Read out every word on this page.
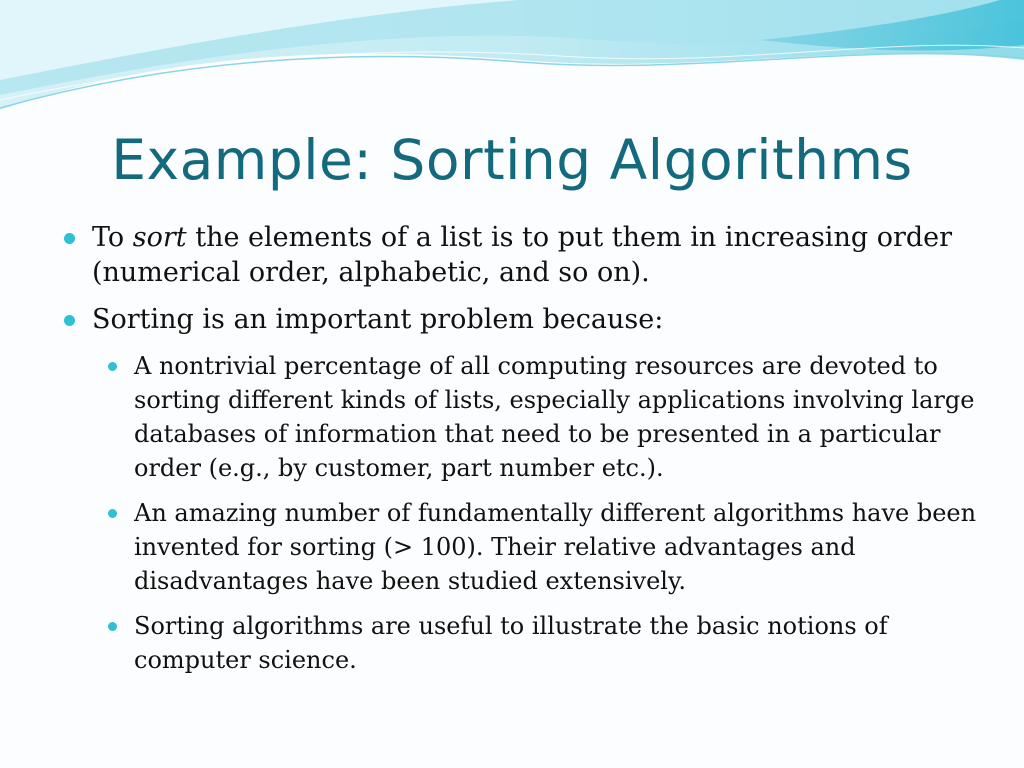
Example: Sorting Algorithms
To sort the elements of a list is to put them in increasing order (numerical order, alphabetic, and so on).
Sorting is an important problem because:
A nontrivial percentage of all computing resources are devoted to sorting different kinds of lists, especially applications involving large databases of information that need to be presented in a particular order (e.g., by customer, part number etc.).
An amazing number of fundamentally different algorithms have been invented for sorting (> 100). Their relative advantages and disadvantages have been studied extensively.
Sorting algorithms are useful to illustrate the basic notions of computer science.
